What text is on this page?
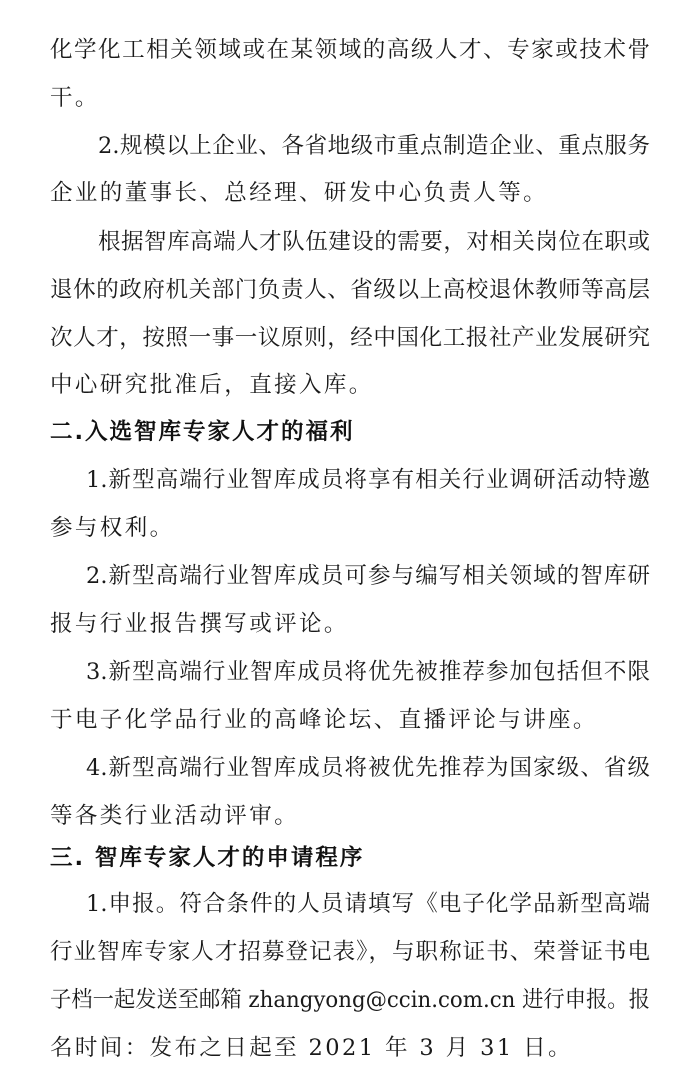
化学化工相关领域或在某领域的高级人才、专家或技术骨
干。
2.规模以上企业、各省地级市重点制造企业、重点服务
企业的董事长、总经理、研发中心负责人等。
根据智库高端人才队伍建设的需要，对相关岗位在职或
退休的政府机关部门负责人、省级以上高校退休教师等高层
次人才，按照一事一议原则，经中国化工报社产业发展研究
中心研究批准后，直接入库。
二.入选智库专家人才的福利
1.新型高端行业智库成员将享有相关行业调研活动特邀
参与权利。
2.新型高端行业智库成员可参与编写相关领域的智库研
报与行业报告撰写或评论。
3.新型高端行业智库成员将优先被推荐参加包括但不限
于电子化学品行业的高峰论坛、直播评论与讲座。
4.新型高端行业智库成员将被优先推荐为国家级、省级
等各类行业活动评审。
三. 智库专家人才的申请程序
1.申报。符合条件的人员请填写《电子化学品新型高端
行业智库专家人才招募登记表》，与职称证书、荣誉证书电
子档一起发送至邮箱 zhangyong@ccin.com.cn 进行申报。报
名时间：发布之日起至 2021 年 3 月 31 日。
